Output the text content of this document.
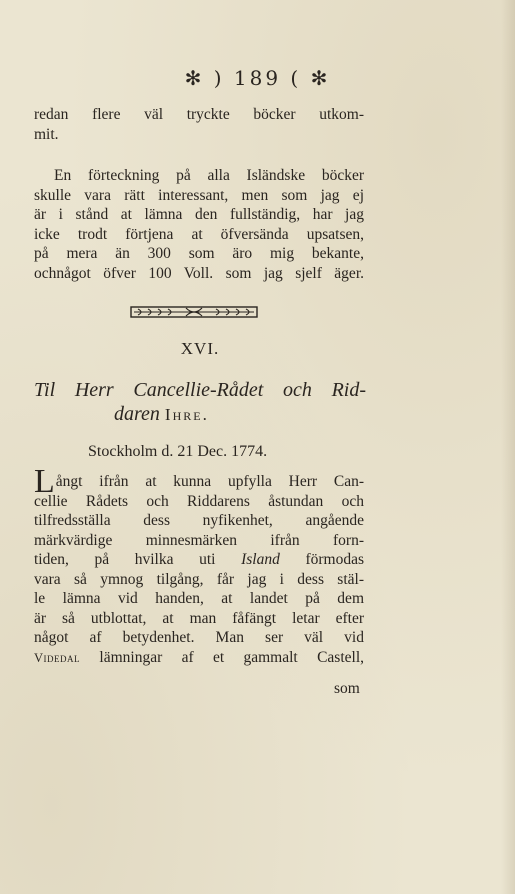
✻ ) 189 ( ✻
redan flere väl tryckte böcker utkom-
mit.
En förteckning på alla Isländske böcker
skulle vara rätt interessant, men som jag ej
är i stånd at lämna den fullständig, har jag
icke trodt förtjena at öfversända upsatsen,
på mera än 300 som äro mig bekante,
ochnågot öfver 100 Voll. som jag sjelf äger.
XVI.
Til Herr Cancellie-Rådet och Rid-
daren Ihre.
Stockholm d. 21 Dec. 1774.
Långt ifrån at kunna upfylla Herr Can-
cellie Rådets och Riddarens åstundan och
tilfredsställa dess nyfikenhet, angående
märkvärdige minnesmärken ifrån forn-
tiden, på hvilka uti Island förmodas
vara så ymnog tilgång, får jag i dess stäl-
le lämna vid handen, at landet på dem
är så utblottat, at man fåfängt letar efter
något af betydenhet. Man ser väl vid
Videdal lämningar af et gammalt Castell,
som
